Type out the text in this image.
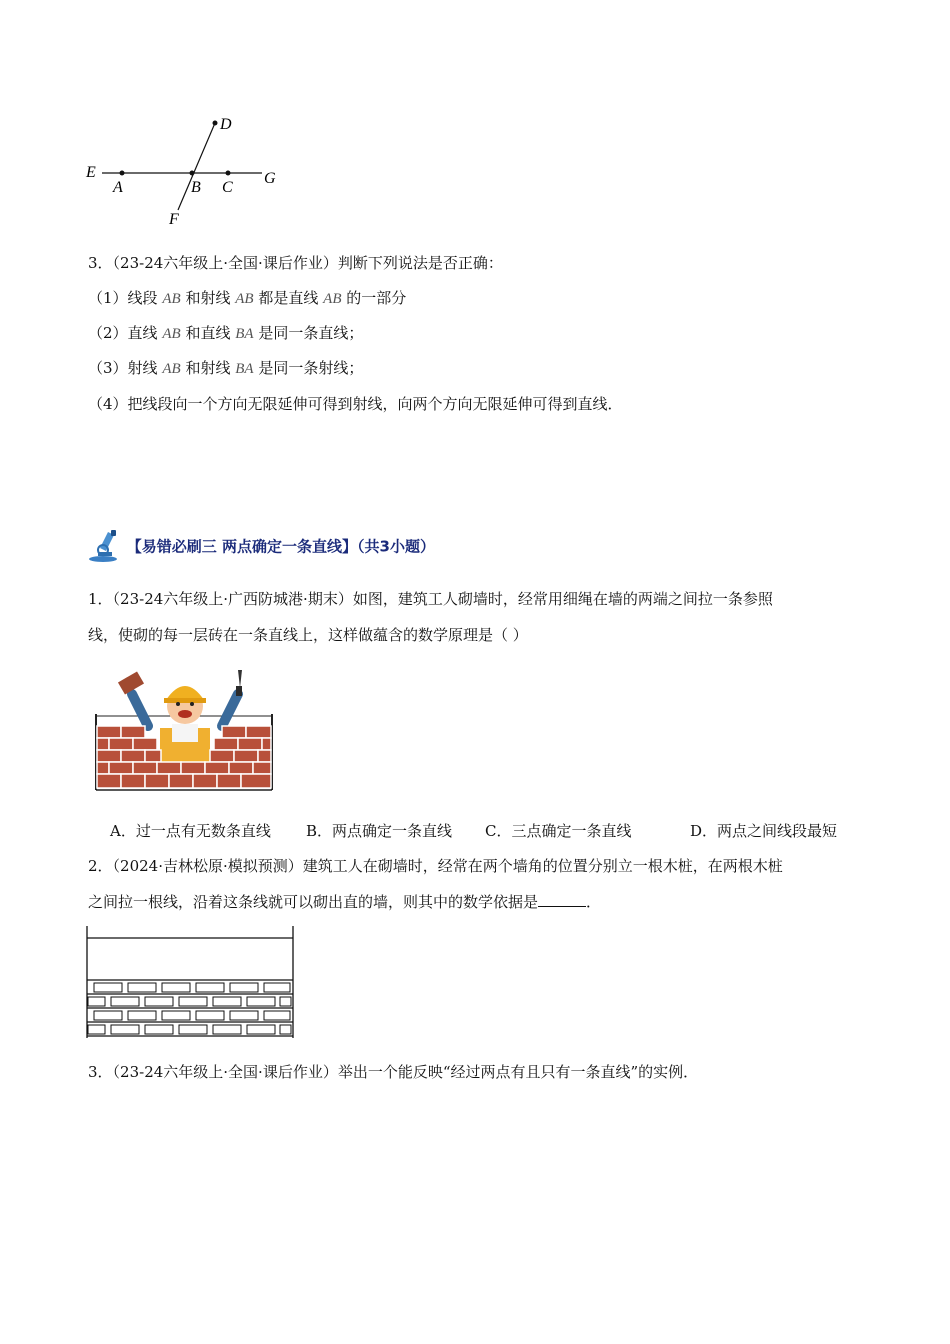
D
E
A	B C
G
F
3．（23-24六年级上·全国·课后作业）判断下列说法是否正确：
（1）线段 AB 和射线 AB 都是直线 AB 的一部分
（2）直线 AB 和直线 BA 是同一条直线；
（3）射线 AB 和射线 BA 是同一条射线；
（4）把线段向一个方向无限延伸可得到射线，向两个方向无限延伸可得到直线．
【易错必刷三 两点确定一条直线】（共3小题）
1．（23-24六年级上·广西防城港·期末）如图，建筑工人砌墙时，经常用细绳在墙的两端之间拉一条参照
线，使砌的每一层砖在一条直线上，这样做蕴含的数学原理是（ ）
A．过一点有无数条直线 B．两点确定一条直线 C．三点确定一条直线	D．两点之间线段最短
2．（2024·吉林松原·模拟预测）建筑工人在砌墙时，经常在两个墙角的位置分别立一根木桩，在两根木桩
之间拉一根线，沿着这条线就可以砌出直的墙，则其中的数学依据是	．
3．（23-24六年级上·全国·课后作业）举出一个能反映“经过两点有且只有一条直线”的实例．
